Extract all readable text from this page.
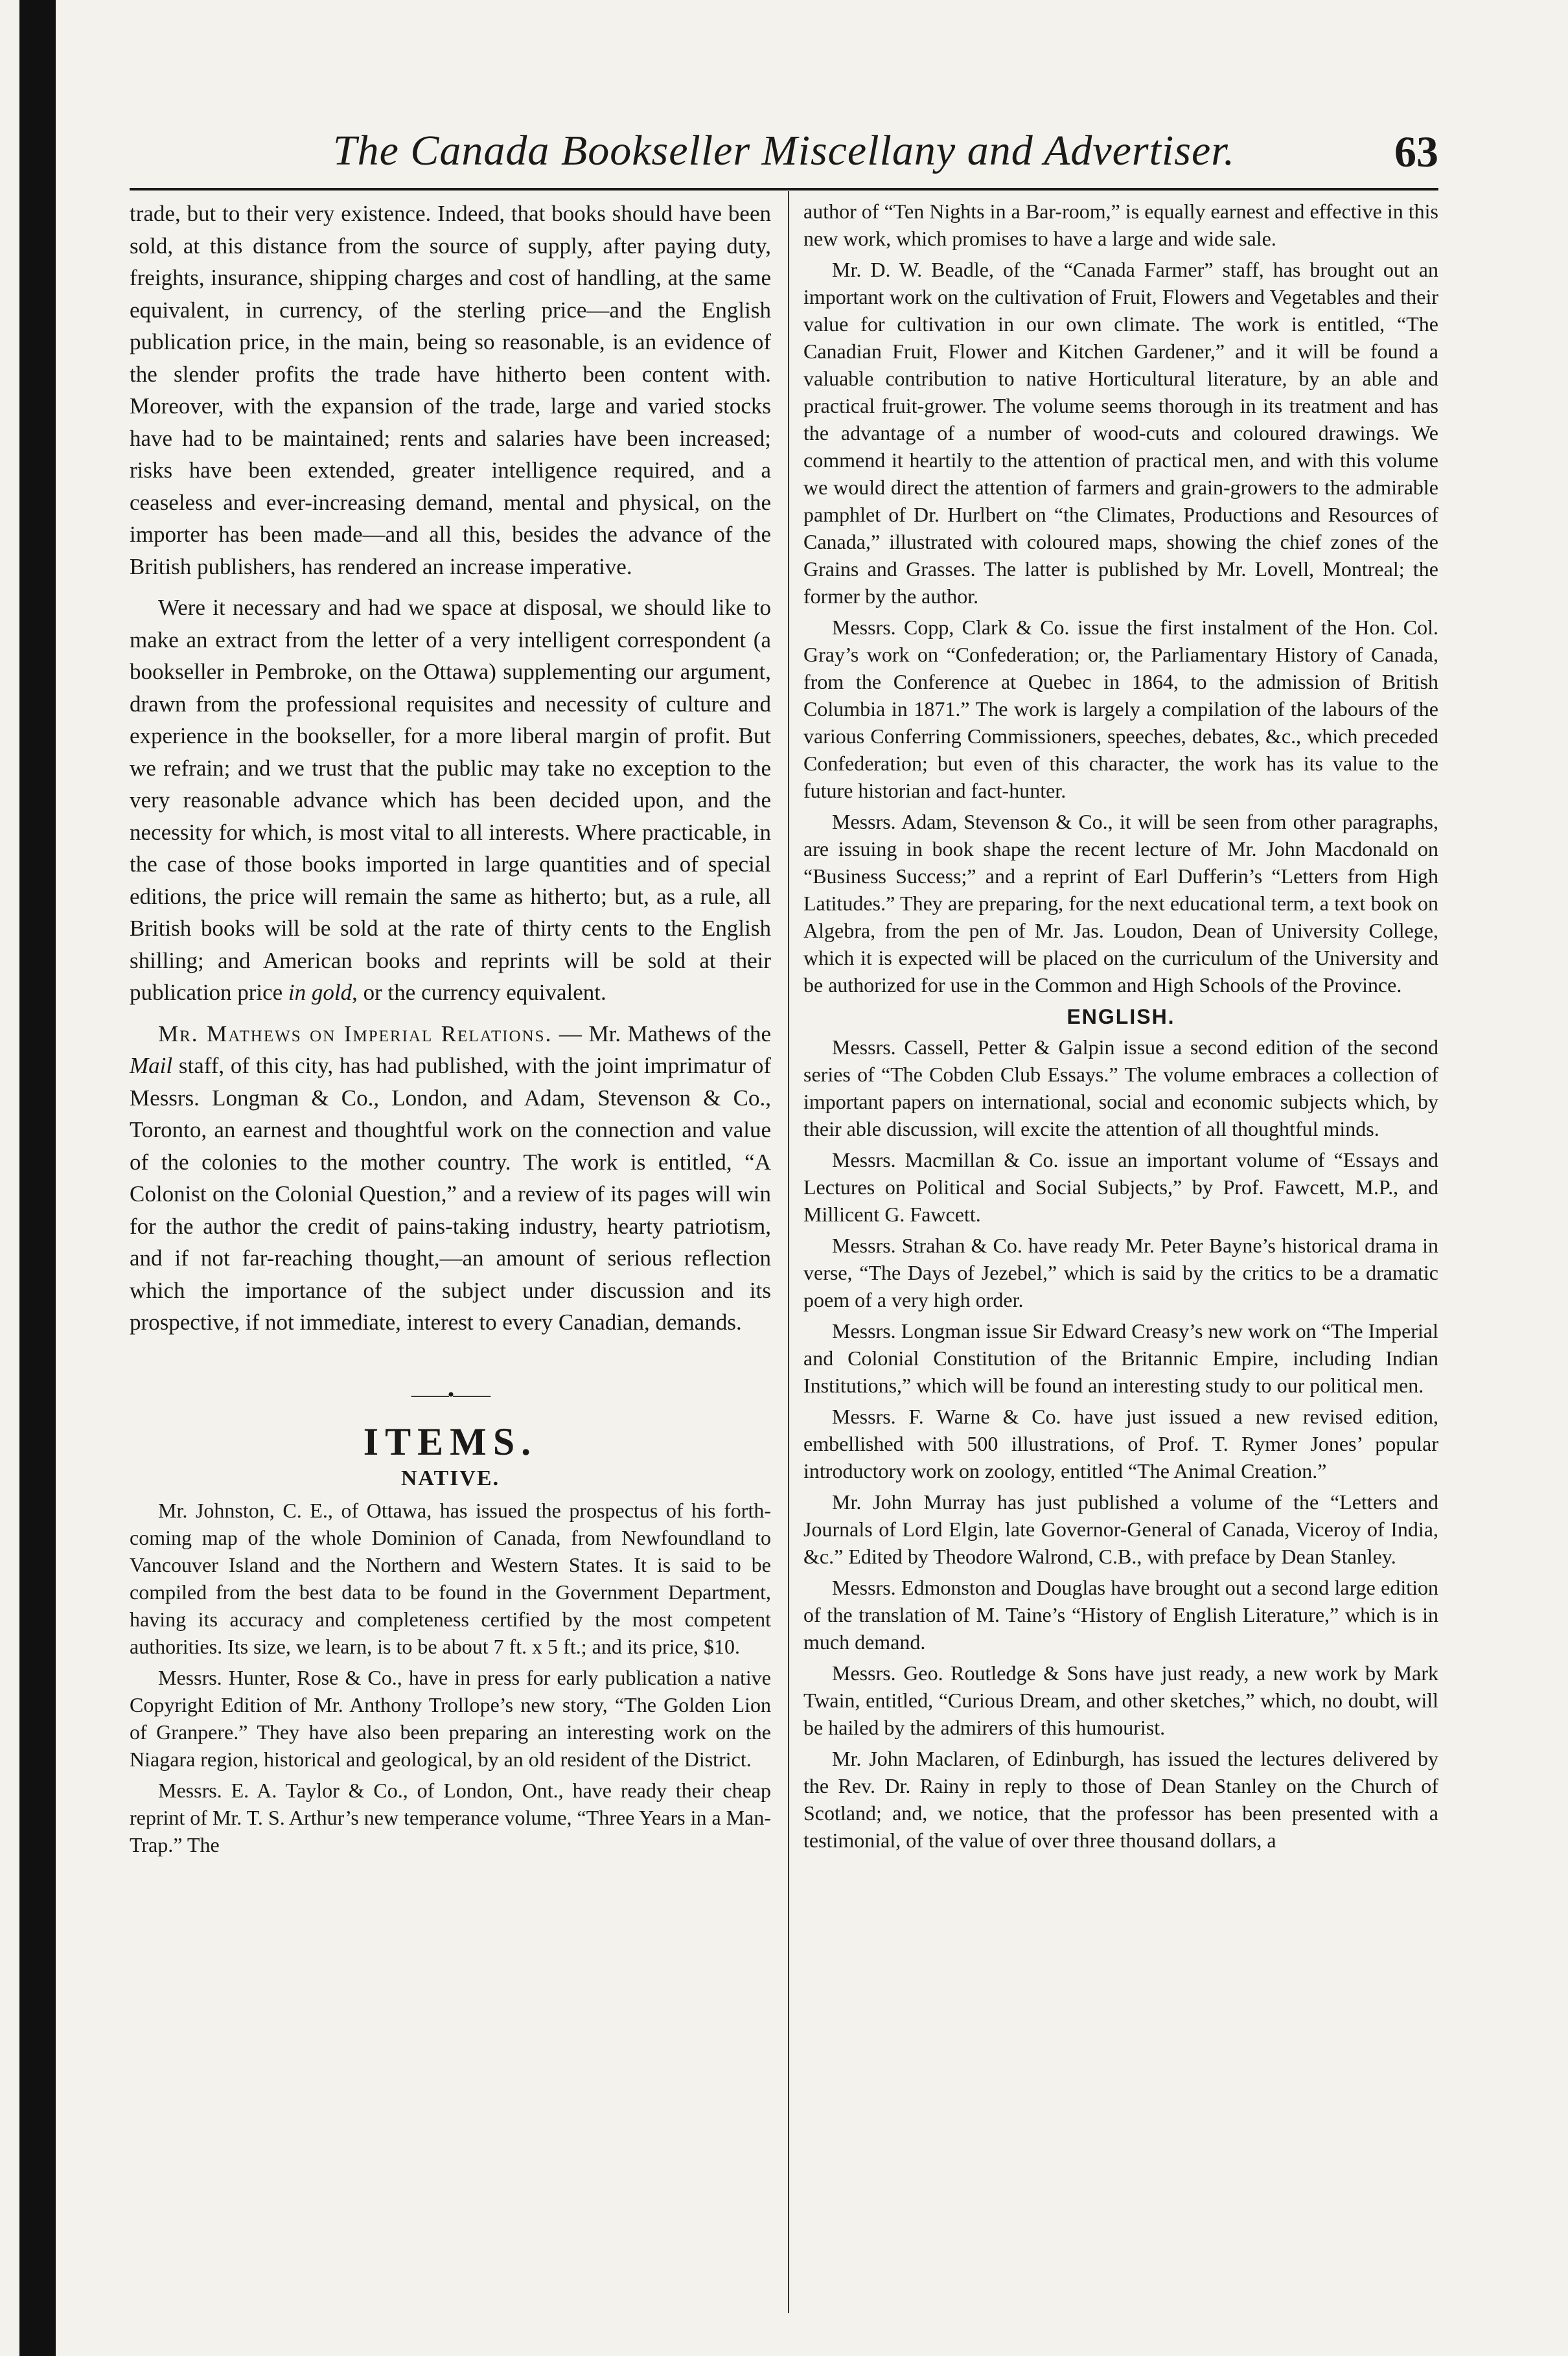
The Canada Bookseller Miscellany and Advertiser.	63

trade, but to their very existence. Indeed, that books should have been sold, at this distance from the source of supply, after paying duty, freights, insurance, shipping charges and cost of handling, at the same equivalent, in currency, of the sterling price—and the English publication price, in the main, being so reasonable, is an evidence of the slender profits the trade have hitherto been content with. Moreover, with the expansion of the trade, large and varied stocks have had to be maintained; rents and salaries have been increased; risks have been extended, greater intelligence required, and a ceaseless and ever-increasing demand, mental and physical, on the importer has been made—and all this, besides the advance of the British publishers, has rendered an increase imperative.

Were it necessary and had we space at disposal, we should like to make an extract from the letter of a very intelligent correspondent (a bookseller in Pembroke, on the Ottawa) supplementing our argument, drawn from the professional requisites and necessity of culture and experience in the bookseller, for a more liberal margin of profit. But we refrain; and we trust that the public may take no exception to the very reasonable advance which has been decided upon, and the necessity for which, is most vital to all interests. Where practicable, in the case of those books imported in large quantities and of special editions, the price will remain the same as hitherto; but, as a rule, all British books will be sold at the rate of thirty cents to the English shilling; and American books and reprints will be sold at their publication price in gold, or the currency equivalent.

Mr. Mathews on Imperial Relations. — Mr. Mathews of the Mail staff, of this city, has had published, with the joint imprimatur of Messrs. Longman & Co., London, and Adam, Stevenson & Co., Toronto, an earnest and thoughtful work on the connection and value of the colonies to the mother country. The work is entitled, “A Colonist on the Colonial Question,” and a review of its pages will win for the author the credit of pains-taking industry, hearty patriotism, and if not far-reaching thought,—an amount of serious reflection which the importance of the subject under discussion and its prospective, if not immediate, interest to every Canadian, demands.

——•——
ITEMS.
NATIVE.

Mr. Johnston, C. E., of Ottawa, has issued the prospectus of his forth-coming map of the whole Dominion of Canada, from Newfoundland to Vancouver Island and the Northern and Western States. It is said to be compiled from the best data to be found in the Government Department, having its accuracy and completeness certified by the most competent authorities. Its size, we learn, is to be about 7 ft. x 5 ft.; and its price, $10.

Messrs. Hunter, Rose & Co., have in press for early publication a native Copyright Edition of Mr. Anthony Trollope’s new story, “The Golden Lion of Granpere.” They have also been preparing an interesting work on the Niagara region, historical and geological, by an old resident of the District.

Messrs. E. A. Taylor & Co., of London, Ont., have ready their cheap reprint of Mr. T. S. Arthur’s new temperance volume, “Three Years in a Man-Trap.” The

author of “Ten Nights in a Bar-room,” is equally earnest and effective in this new work, which promises to have a large and wide sale.

Mr. D. W. Beadle, of the “Canada Farmer” staff, has brought out an important work on the cultivation of Fruit, Flowers and Vegetables and their value for cultivation in our own climate. The work is entitled, “The Canadian Fruit, Flower and Kitchen Gardener,” and it will be found a valuable contribution to native Horticultural literature, by an able and practical fruit-grower. The volume seems thorough in its treatment and has the advantage of a number of wood-cuts and coloured drawings. We commend it heartily to the attention of practical men, and with this volume we would direct the attention of farmers and grain-growers to the admirable pamphlet of Dr. Hurlbert on “the Climates, Productions and Resources of Canada,” illustrated with coloured maps, showing the chief zones of the Grains and Grasses. The latter is published by Mr. Lovell, Montreal; the former by the author.

Messrs. Copp, Clark & Co. issue the first instalment of the Hon. Col. Gray’s work on “Confederation; or, the Parliamentary History of Canada, from the Conference at Quebec in 1864, to the admission of British Columbia in 1871.” The work is largely a compilation of the labours of the various Conferring Commissioners, speeches, debates, &c., which preceded Confederation; but even of this character, the work has its value to the future historian and fact-hunter.

Messrs. Adam, Stevenson & Co., it will be seen from other paragraphs, are issuing in book shape the recent lecture of Mr. John Macdonald on “Business Success;” and a reprint of Earl Dufferin’s “Letters from High Latitudes.” They are preparing, for the next educational term, a text book on Algebra, from the pen of Mr. Jas. Loudon, Dean of University College, which it is expected will be placed on the curriculum of the University and be authorized for use in the Common and High Schools of the Province.

ENGLISH.

Messrs. Cassell, Petter & Galpin issue a second edition of the second series of “The Cobden Club Essays.” The volume embraces a collection of important papers on international, social and economic subjects which, by their able discussion, will excite the attention of all thoughtful minds.

Messrs. Macmillan & Co. issue an important volume of “Essays and Lectures on Political and Social Subjects,” by Prof. Fawcett, M.P., and Millicent G. Fawcett.

Messrs. Strahan & Co. have ready Mr. Peter Bayne’s historical drama in verse, “The Days of Jezebel,” which is said by the critics to be a dramatic poem of a very high order.

Messrs. Longman issue Sir Edward Creasy’s new work on “The Imperial and Colonial Constitution of the Britannic Empire, including Indian Institutions,” which will be found an interesting study to our political men.

Messrs. F. Warne & Co. have just issued a new revised edition, embellished with 500 illustrations, of Prof. T. Rymer Jones’ popular introductory work on zoology, entitled “The Animal Creation.”

Mr. John Murray has just published a volume of the “Letters and Journals of Lord Elgin, late Governor-General of Canada, Viceroy of India, &c.” Edited by Theodore Walrond, C.B., with preface by Dean Stanley.

Messrs. Edmonston and Douglas have brought out a second large edition of the translation of M. Taine’s “History of English Literature,” which is in much demand.

Messrs. Geo. Routledge & Sons have just ready, a new work by Mark Twain, entitled, “Curious Dream, and other sketches,” which, no doubt, will be hailed by the admirers of this humourist.

Mr. John Maclaren, of Edinburgh, has issued the lectures delivered by the Rev. Dr. Rainy in reply to those of Dean Stanley on the Church of Scotland; and, we notice, that the professor has been presented with a testimonial, of the value of over three thousand dollars, a
